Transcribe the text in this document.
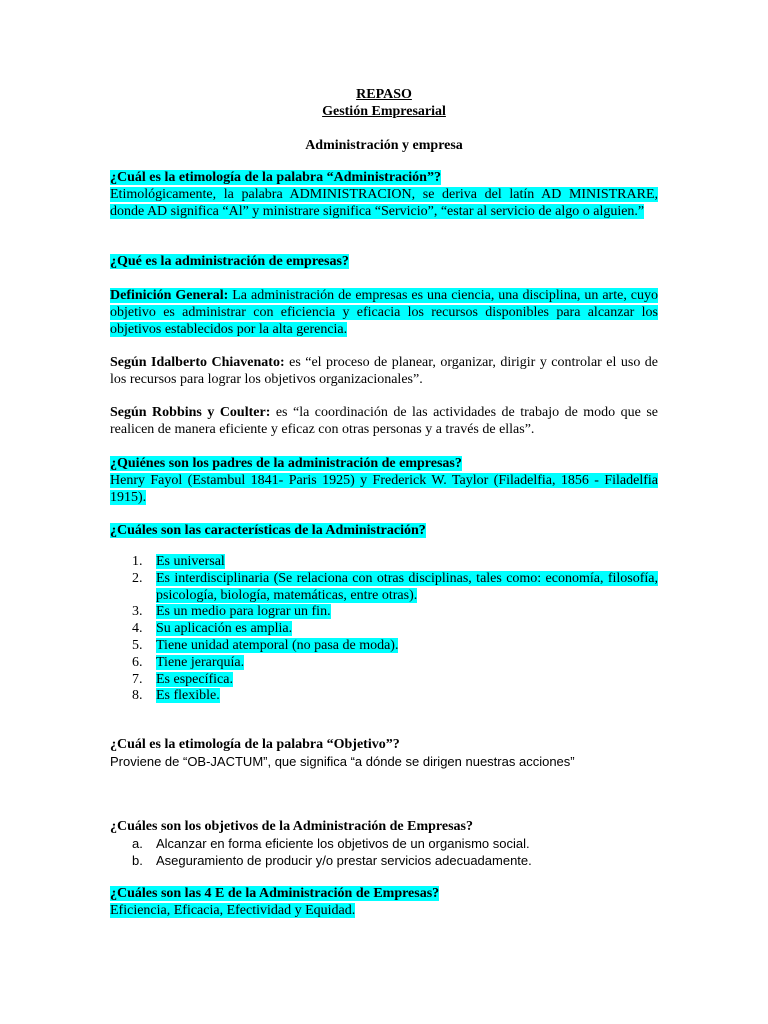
REPASO
Gestión Empresarial
Administración y empresa
¿Cuál es la etimología de la palabra “Administración”?
Etimológicamente, la palabra ADMINISTRACION, se deriva del latín AD MINISTRARE, donde AD significa “Al” y ministrare significa “Servicio”, “estar al servicio de algo o alguien.”
¿Qué es la administración de empresas?
Definición General: La administración de empresas es una ciencia, una disciplina, un arte, cuyo objetivo es administrar con eficiencia y eficacia los recursos disponibles para alcanzar los objetivos establecidos por la alta gerencia.
Según Idalberto Chiavenato: es “el proceso de planear, organizar, dirigir y controlar el uso de los recursos para lograr los objetivos organizacionales”.
Según Robbins y Coulter: es “la coordinación de las actividades de trabajo de modo que se realicen de manera eficiente y eficaz con otras personas y a través de ellas”.
¿Quiénes son los padres de la administración de empresas?
Henry Fayol (Estambul 1841- Paris 1925) y Frederick W. Taylor (Filadelfia, 1856 - Filadelfia 1915).
¿Cuáles son las características de la Administración?
1. Es universal
2. Es interdisciplinaria (Se relaciona con otras disciplinas, tales como: economía, filosofía, psicología, biología, matemáticas, entre otras).
3. Es un medio para lograr un fin.
4. Su aplicación es amplia.
5. Tiene unidad atemporal (no pasa de moda).
6. Tiene jerarquía.
7. Es específica.
8. Es flexible.
¿Cuál es la etimología de la palabra “Objetivo”?
Proviene de “OB-JACTUM”, que significa “a dónde se dirigen nuestras acciones”
¿Cuáles son los objetivos de la Administración de Empresas?
a. Alcanzar en forma eficiente los objetivos de un organismo social.
b. Aseguramiento de producir y/o prestar servicios adecuadamente.
¿Cuáles son las 4 E de la Administración de Empresas?
Eficiencia, Eficacia, Efectividad y Equidad.
